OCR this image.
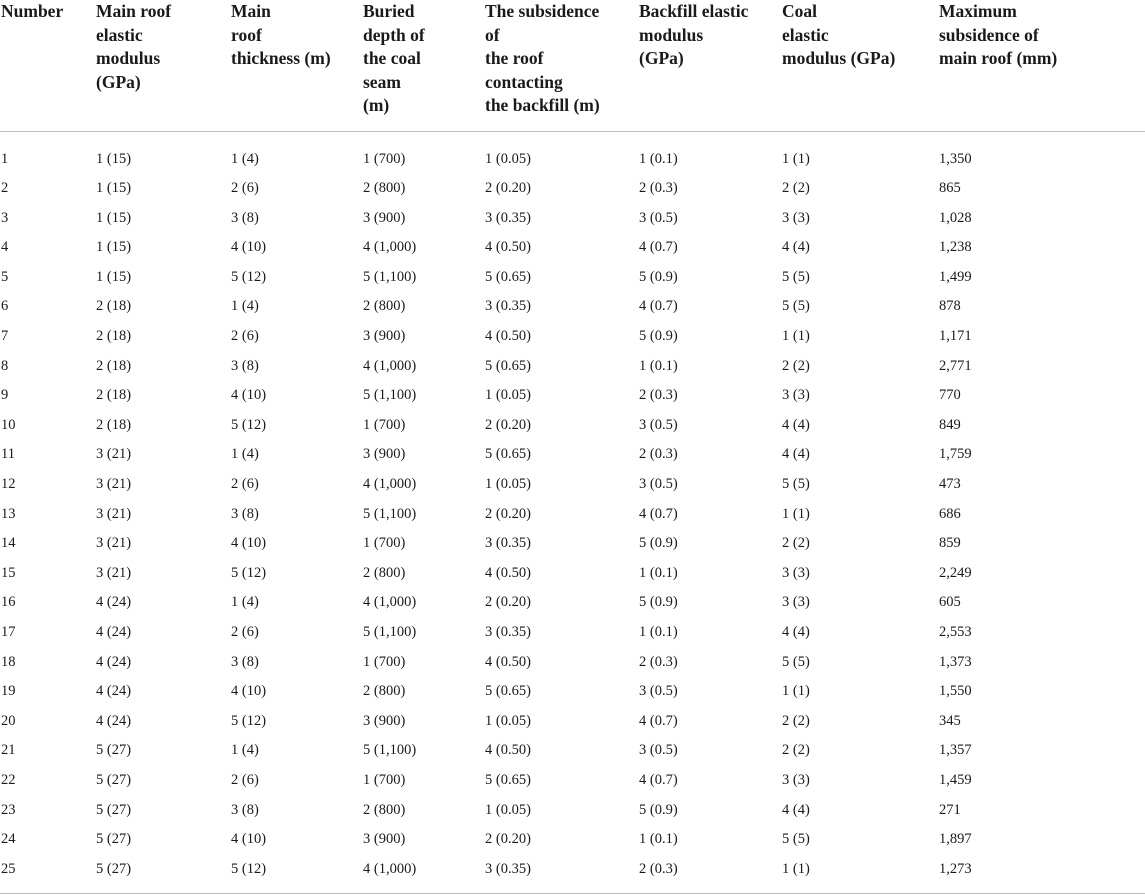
Number	Main roof
elastic
modulus
(GPa)	Main
roof
thickness (m)	Buried
depth of
the coal
seam
(m)	The subsidence
of
the roof
contacting
the backfill (m)	Backfill elastic
modulus
(GPa)	Coal
elastic
modulus (GPa)	Maximum
subsidence of
main roof (mm)
1	1 (15)	1 (4)	1 (700)	1 (0.05)	1 (0.1)	1 (1)	1,350
2	1 (15)	2 (6)	2 (800)	2 (0.20)	2 (0.3)	2 (2)	865
3	1 (15)	3 (8)	3 (900)	3 (0.35)	3 (0.5)	3 (3)	1,028
4	1 (15)	4 (10)	4 (1,000)	4 (0.50)	4 (0.7)	4 (4)	1,238
5	1 (15)	5 (12)	5 (1,100)	5 (0.65)	5 (0.9)	5 (5)	1,499
6	2 (18)	1 (4)	2 (800)	3 (0.35)	4 (0.7)	5 (5)	878
7	2 (18)	2 (6)	3 (900)	4 (0.50)	5 (0.9)	1 (1)	1,171
8	2 (18)	3 (8)	4 (1,000)	5 (0.65)	1 (0.1)	2 (2)	2,771
9	2 (18)	4 (10)	5 (1,100)	1 (0.05)	2 (0.3)	3 (3)	770
10	2 (18)	5 (12)	1 (700)	2 (0.20)	3 (0.5)	4 (4)	849
11	3 (21)	1 (4)	3 (900)	5 (0.65)	2 (0.3)	4 (4)	1,759
12	3 (21)	2 (6)	4 (1,000)	1 (0.05)	3 (0.5)	5 (5)	473
13	3 (21)	3 (8)	5 (1,100)	2 (0.20)	4 (0.7)	1 (1)	686
14	3 (21)	4 (10)	1 (700)	3 (0.35)	5 (0.9)	2 (2)	859
15	3 (21)	5 (12)	2 (800)	4 (0.50)	1 (0.1)	3 (3)	2,249
16	4 (24)	1 (4)	4 (1,000)	2 (0.20)	5 (0.9)	3 (3)	605
17	4 (24)	2 (6)	5 (1,100)	3 (0.35)	1 (0.1)	4 (4)	2,553
18	4 (24)	3 (8)	1 (700)	4 (0.50)	2 (0.3)	5 (5)	1,373
19	4 (24)	4 (10)	2 (800)	5 (0.65)	3 (0.5)	1 (1)	1,550
20	4 (24)	5 (12)	3 (900)	1 (0.05)	4 (0.7)	2 (2)	345
21	5 (27)	1 (4)	5 (1,100)	4 (0.50)	3 (0.5)	2 (2)	1,357
22	5 (27)	2 (6)	1 (700)	5 (0.65)	4 (0.7)	3 (3)	1,459
23	5 (27)	3 (8)	2 (800)	1 (0.05)	5 (0.9)	4 (4)	271
24	5 (27)	4 (10)	3 (900)	2 (0.20)	1 (0.1)	5 (5)	1,897
25	5 (27)	5 (12)	4 (1,000)	3 (0.35)	2 (0.3)	1 (1)	1,273
